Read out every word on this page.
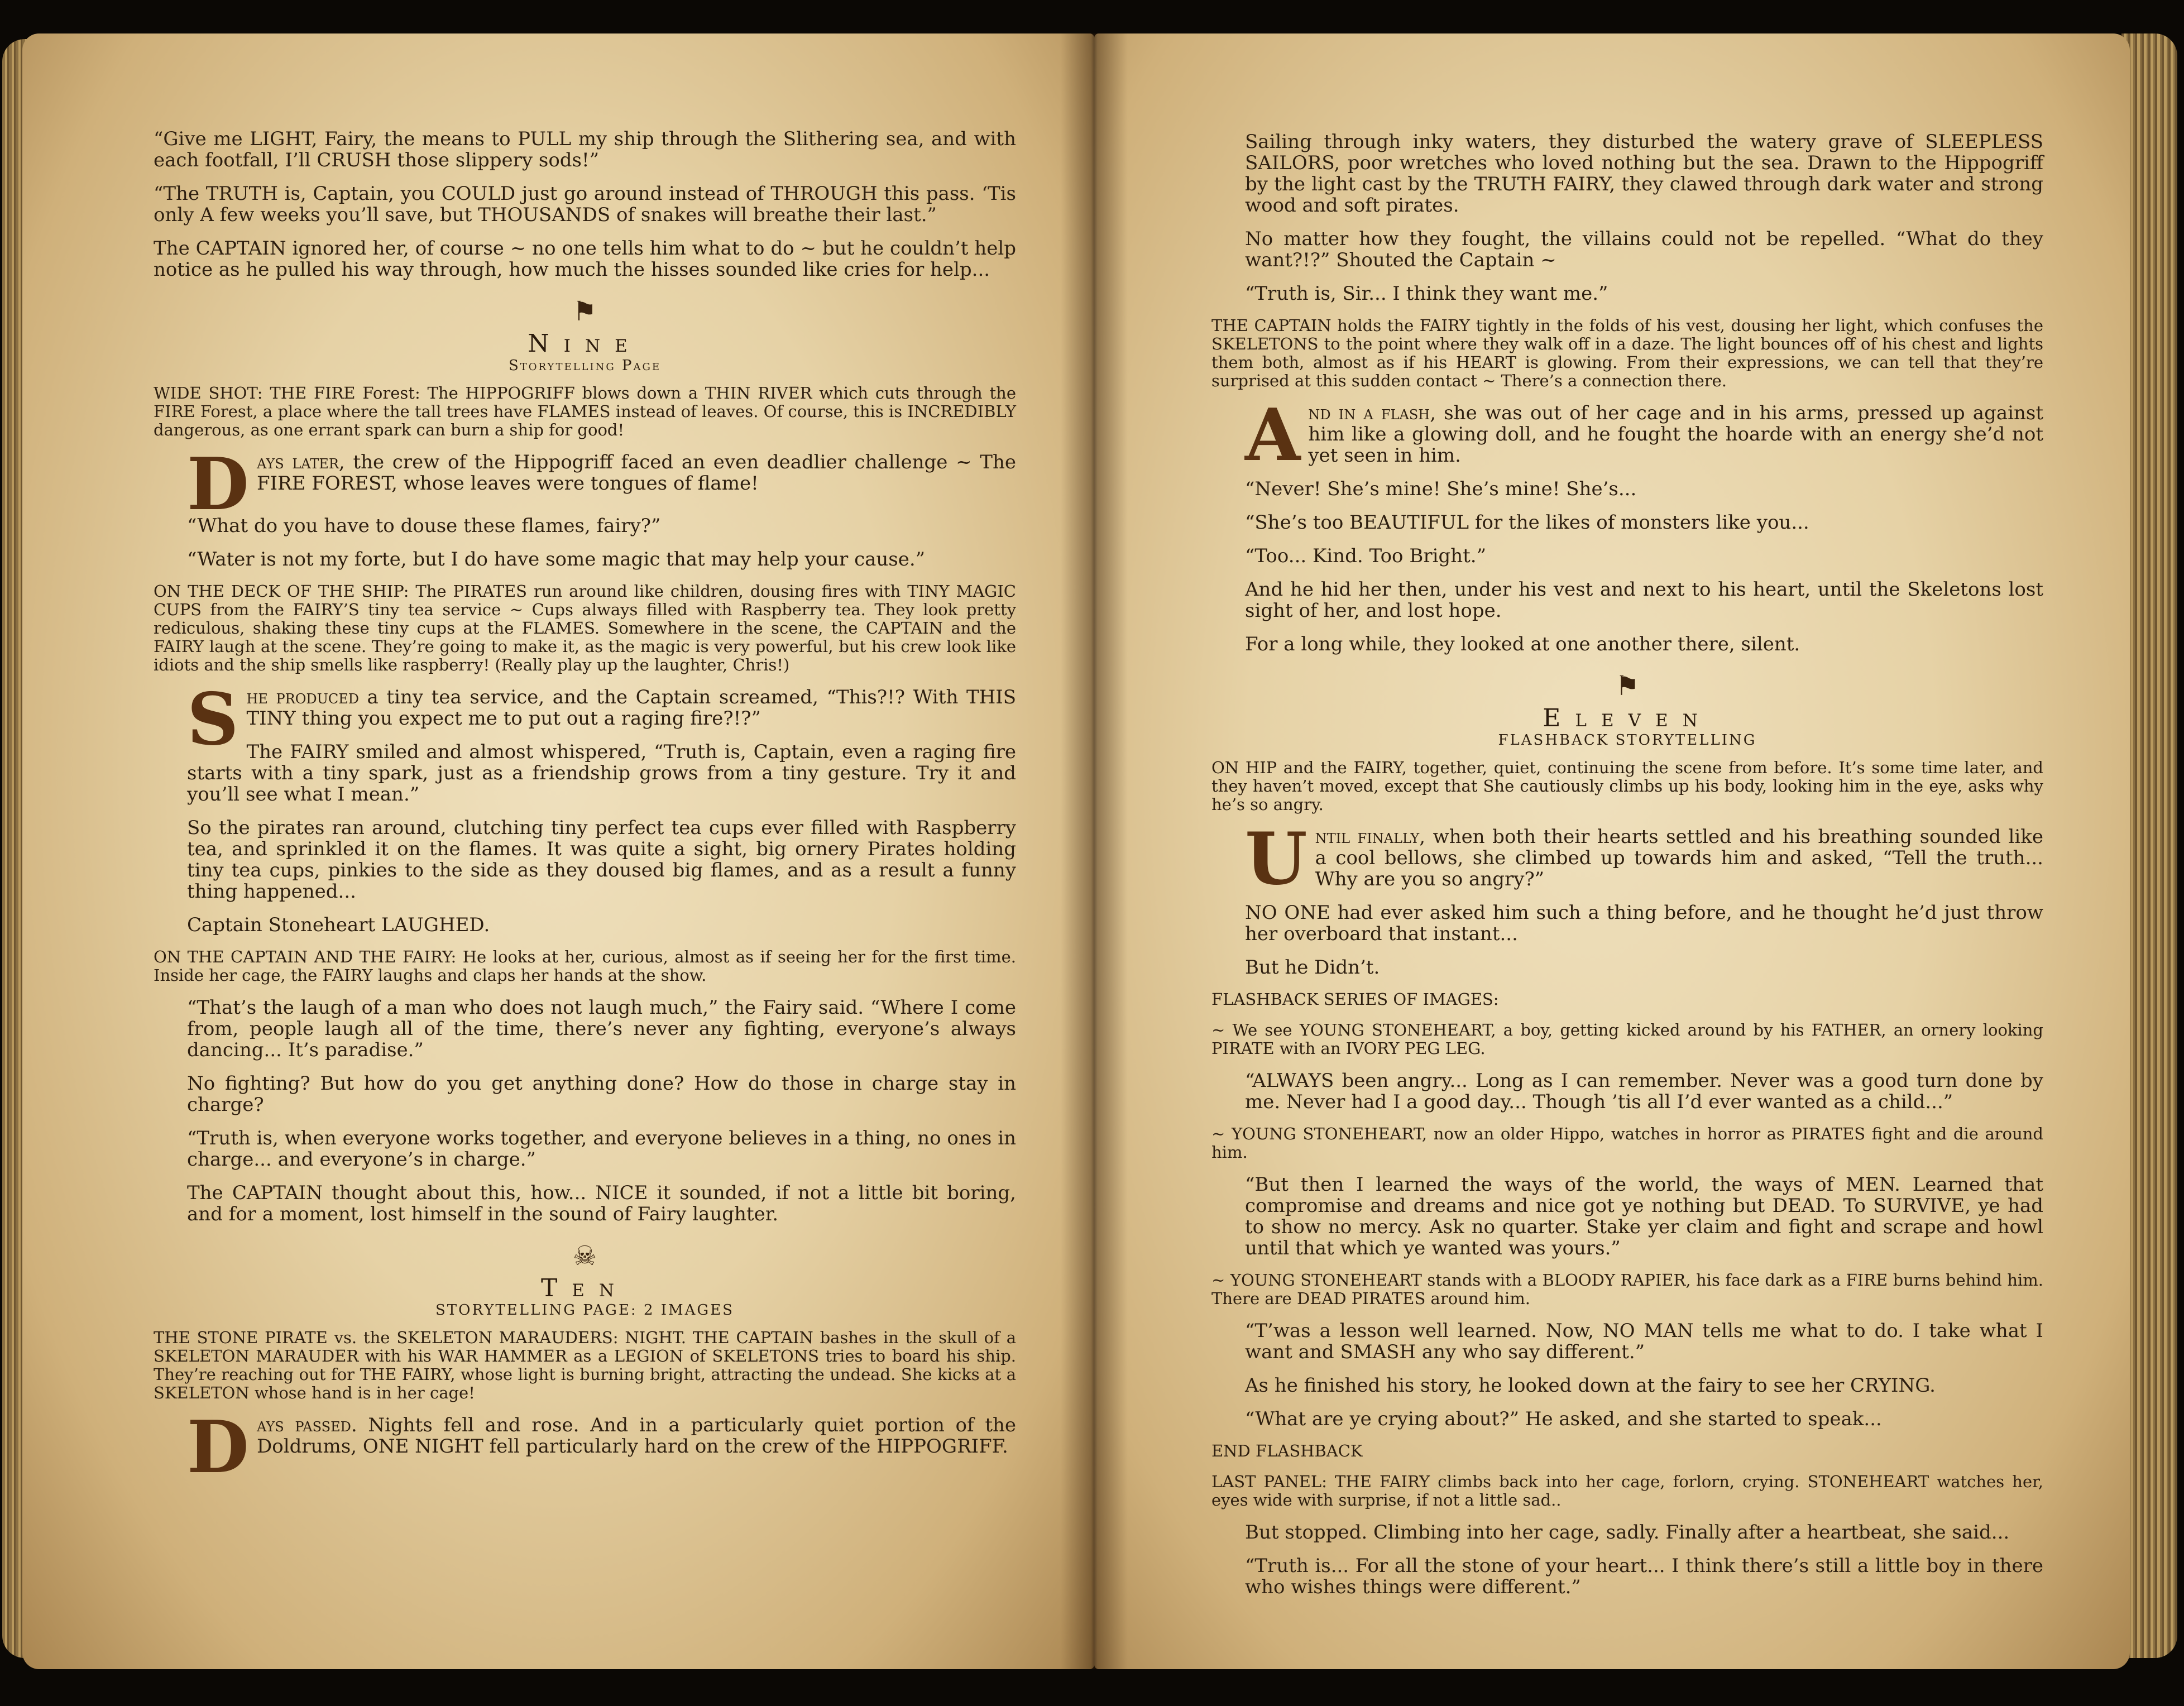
“Give me LIGHT, Fairy, the means to PULL my ship through the Slithering sea, and with each footfall, I’ll CRUSH those slippery sods!”

“The TRUTH is, Captain, you COULD just go around instead of THROUGH this pass. ‘Tis only A few weeks you’ll save, but THOUSANDS of snakes will breathe their last.”

The CAPTAIN ignored her, of course ~ no one tells him what to do ~ but he couldn’t help notice as he pulled his way through, how much the hisses sounded like cries for help...

⚑
Nine
Storytelling Page

WIDE SHOT: THE FIRE Forest: The HIPPOGRIFF blows down a THIN RIVER which cuts through the FIRE Forest, a place where the tall trees have FLAMES instead of leaves. Of course, this is INCREDIBLY dangerous, as one errant spark can burn a ship for good!

Days later, the crew of the Hippogriff faced an even deadlier challenge ~ The FIRE FOREST, whose leaves were tongues of flame!

“What do you have to douse these flames, fairy?”

“Water is not my forte, but I do have some magic that may help your cause.”

ON THE DECK OF THE SHIP: The PIRATES run around like children, dousing fires with TINY MAGIC CUPS from the FAIRY’S tiny tea service ~ Cups always filled with Raspberry tea. They look pretty rediculous, shaking these tiny cups at the FLAMES. Somewhere in the scene, the CAPTAIN and the FAIRY laugh at the scene. They’re going to make it, as the magic is very powerful, but his crew look like idiots and the ship smells like raspberry! (Really play up the laughter, Chris!)

She produced a tiny tea service, and the Captain screamed, “This?!? With THIS TINY thing you expect me to put out a raging fire?!?”

The FAIRY smiled and almost whispered, “Truth is, Captain, even a raging fire starts with a tiny spark, just as a friendship grows from a tiny gesture. Try it and you’ll see what I mean.”

So the pirates ran around, clutching tiny perfect tea cups ever filled with Raspberry tea, and sprinkled it on the flames. It was quite a sight, big ornery Pirates holding tiny tea cups, pinkies to the side as they doused big flames, and as a result a funny thing happened...

Captain Stoneheart LAUGHED.

ON THE CAPTAIN AND THE FAIRY: He looks at her, curious, almost as if seeing her for the first time. Inside her cage, the FAIRY laughs and claps her hands at the show.

“That’s the laugh of a man who does not laugh much,” the Fairy said. “Where I come from, people laugh all of the time, there’s never any fighting, everyone’s always dancing... It’s paradise.”

No fighting? But how do you get anything done? How do those in charge stay in charge?

“Truth is, when everyone works together, and everyone believes in a thing, no ones in charge... and everyone’s in charge.”

The CAPTAIN thought about this, how... NICE it sounded, if not a little bit boring, and for a moment, lost himself in the sound of Fairy laughter.

☠
Ten
STORYTELLING PAGE: 2 IMAGES

THE STONE PIRATE vs. the SKELETON MARAUDERS: NIGHT. THE CAPTAIN bashes in the skull of a SKELETON MARAUDER with his WAR HAMMER as a LEGION of SKELETONS tries to board his ship. They’re reaching out for THE FAIRY, whose light is burning bright, attracting the undead. She kicks at a SKELETON whose hand is in her cage!

Days passed. Nights fell and rose. And in a particularly quiet portion of the Doldrums, ONE NIGHT fell particularly hard on the crew of the HIPPOGRIFF.

Sailing through inky waters, they disturbed the watery grave of SLEEPLESS SAILORS, poor wretches who loved nothing but the sea. Drawn to the Hippogriff by the light cast by the TRUTH FAIRY, they clawed through dark water and strong wood and soft pirates.

No matter how they fought, the villains could not be repelled. “What do they want?!?” Shouted the Captain ~

“Truth is, Sir... I think they want me.”

THE CAPTAIN holds the FAIRY tightly in the folds of his vest, dousing her light, which confuses the SKELETONS to the point where they walk off in a daze. The light bounces off of his chest and lights them both, almost as if his HEART is glowing. From their expressions, we can tell that they’re surprised at this sudden contact ~ There’s a connection there.

And in a flash, she was out of her cage and in his arms, pressed up against him like a glowing doll, and he fought the hoarde with an energy she’d not yet seen in him.

“Never! She’s mine! She’s mine! She’s...

“She’s too BEAUTIFUL for the likes of monsters like you...

“Too... Kind. Too Bright.”

And he hid her then, under his vest and next to his heart, until the Skeletons lost sight of her, and lost hope.

For a long while, they looked at one another there, silent.

⚑
Eleven
FLASHBACK STORYTELLING

ON HIP and the FAIRY, together, quiet, continuing the scene from before. It’s some time later, and they haven’t moved, except that She cautiously climbs up his body, looking him in the eye, asks why he’s so angry.

Until finally, when both their hearts settled and his breathing sounded like a cool bellows, she climbed up towards him and asked, “Tell the truth... Why are you so angry?”

NO ONE had ever asked him such a thing before, and he thought he’d just throw her overboard that instant...

But he Didn’t.

FLASHBACK SERIES OF IMAGES:

~ We see YOUNG STONEHEART, a boy, getting kicked around by his FATHER, an ornery looking PIRATE with an IVORY PEG LEG.

“ALWAYS been angry... Long as I can remember. Never was a good turn done by me. Never had I a good day... Though ’tis all I’d ever wanted as a child...”

~ YOUNG STONEHEART, now an older Hippo, watches in horror as PIRATES fight and die around him.

“But then I learned the ways of the world, the ways of MEN. Learned that compromise and dreams and nice got ye nothing but DEAD. To SURVIVE, ye had to show no mercy. Ask no quarter. Stake yer claim and fight and scrape and howl until that which ye wanted was yours.”

~ YOUNG STONEHEART stands with a BLOODY RAPIER, his face dark as a FIRE burns behind him. There are DEAD PIRATES around him.

“T’was a lesson well learned. Now, NO MAN tells me what to do. I take what I want and SMASH any who say different.”

As he finished his story, he looked down at the fairy to see her CRYING.

“What are ye crying about?” He asked, and she started to speak...

END FLASHBACK

LAST PANEL: THE FAIRY climbs back into her cage, forlorn, crying. STONEHEART watches her, eyes wide with surprise, if not a little sad..

But stopped. Climbing into her cage, sadly. Finally after a heartbeat, she said...

“Truth is... For all the stone of your heart... I think there’s still a little boy in there who wishes things were different.”
